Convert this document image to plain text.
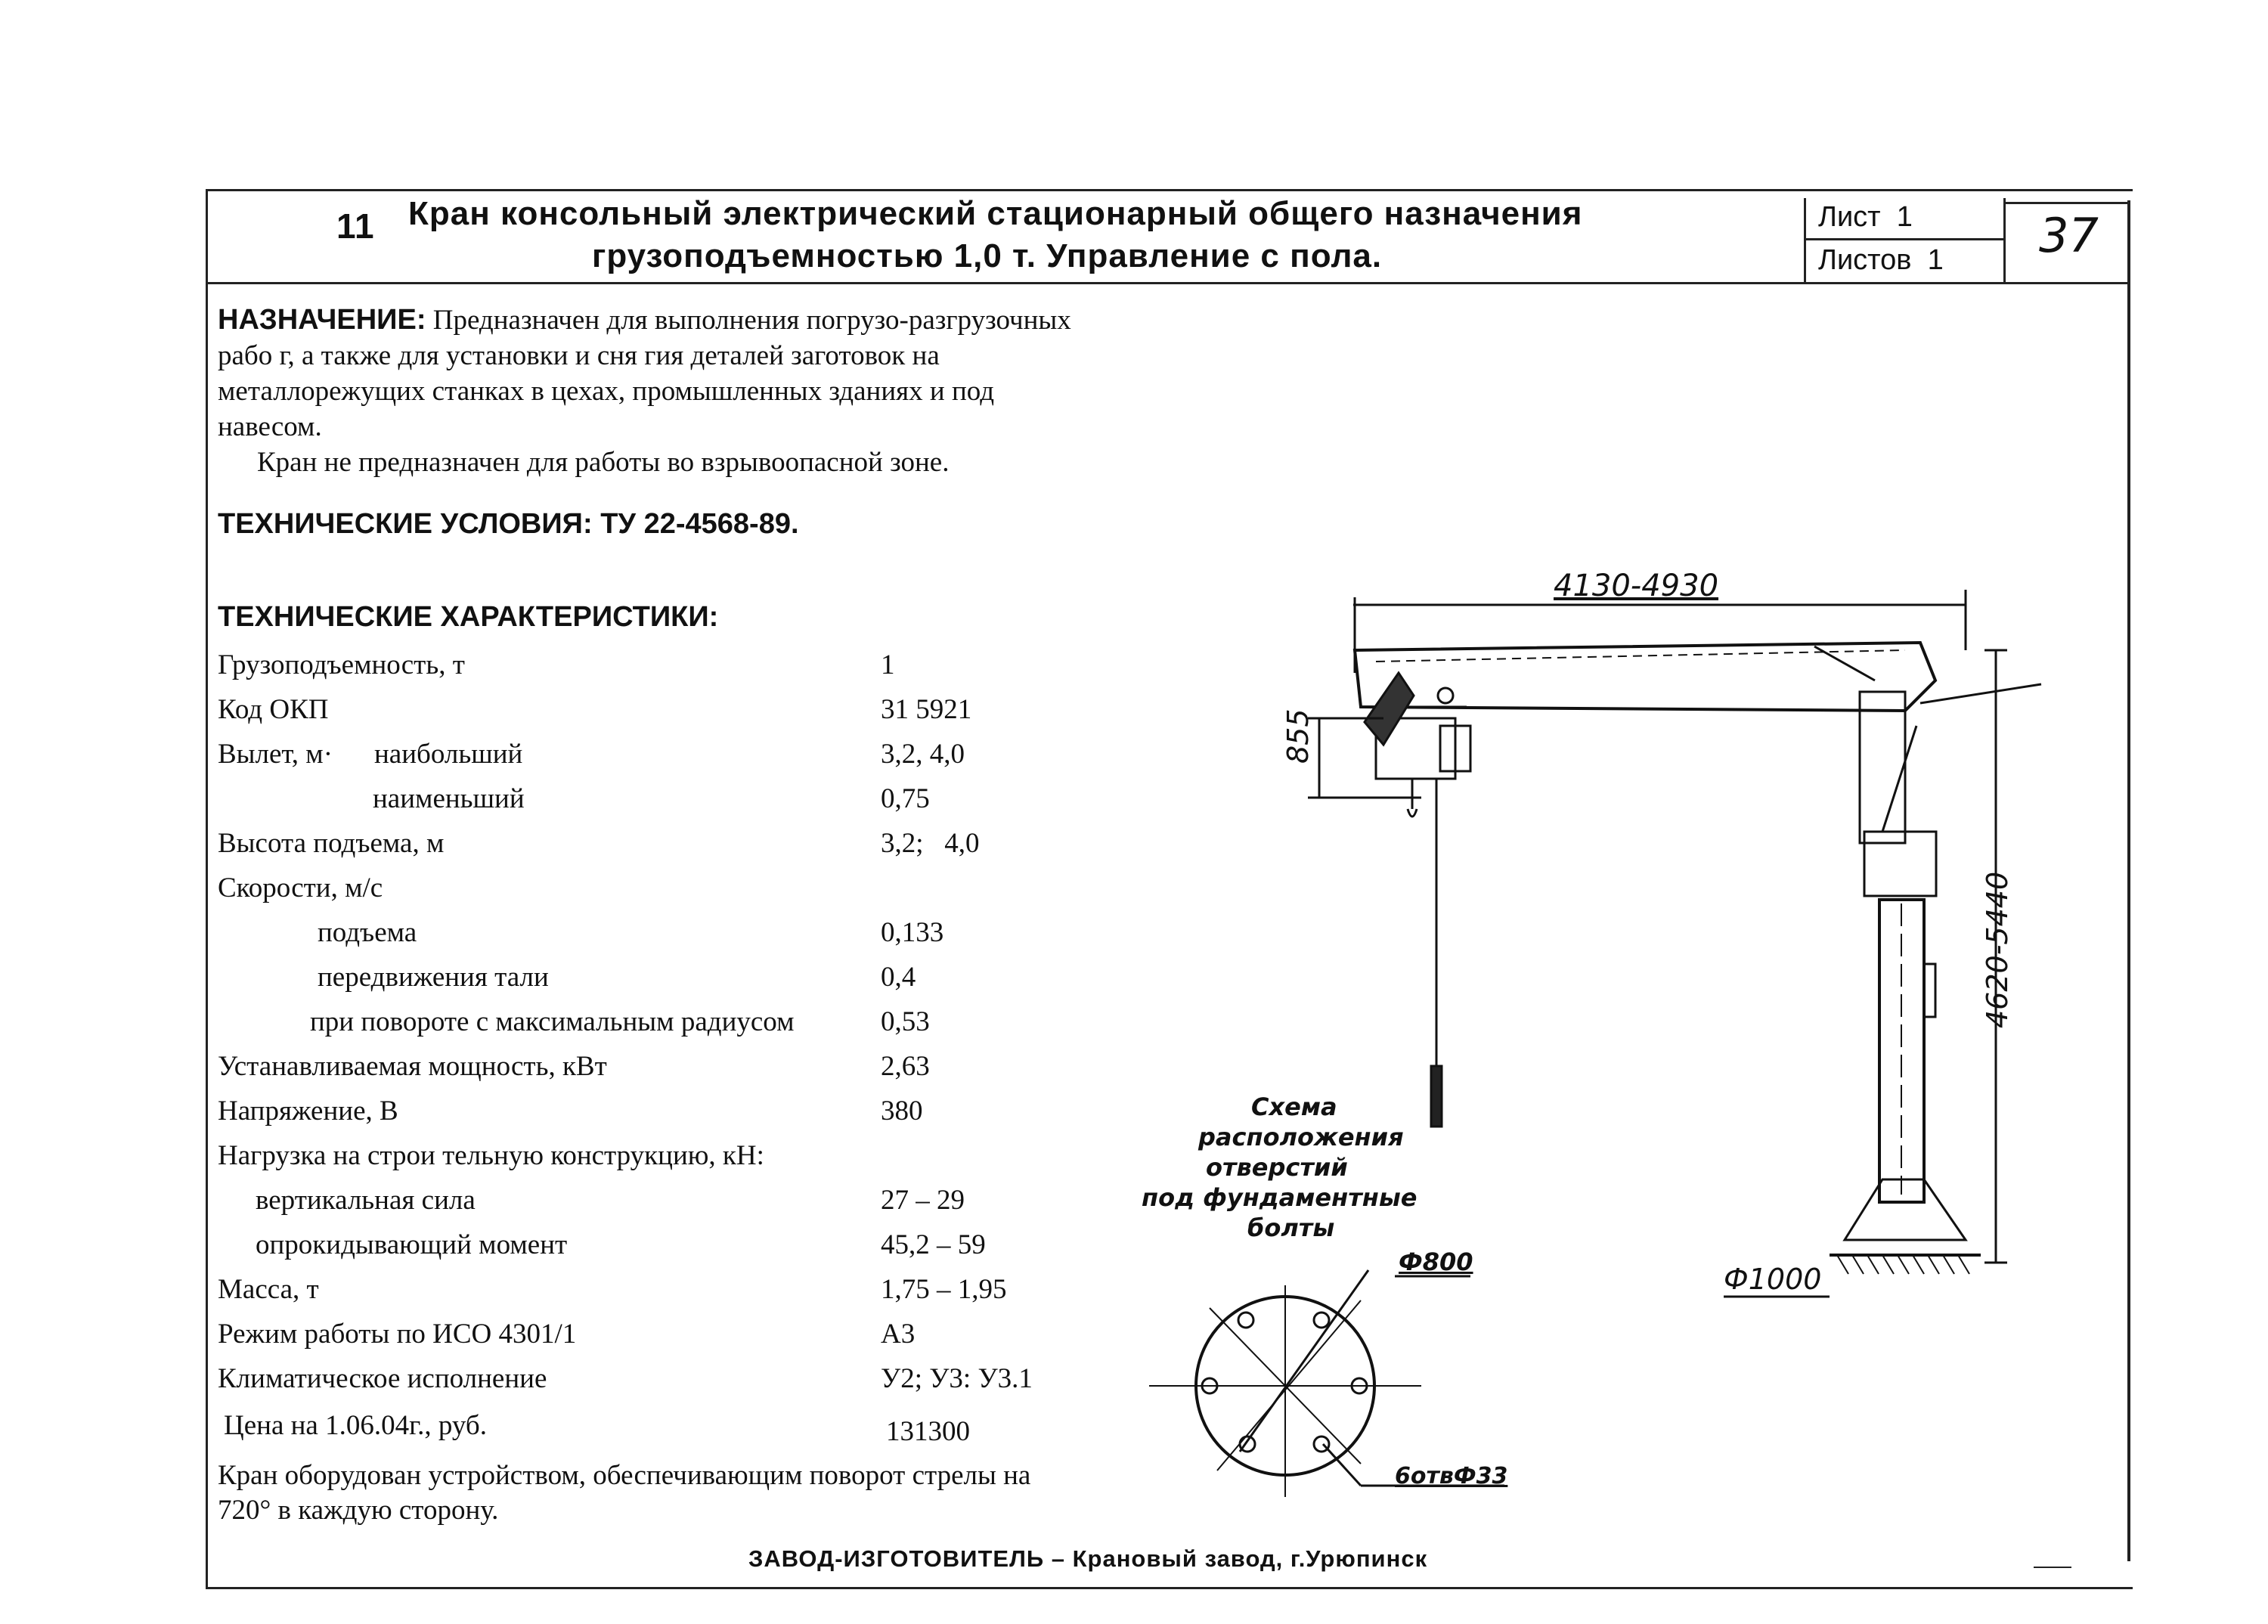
11 Кран консольный электрический стационарный общего назначения
грузоподъемностью 1,0 т. Управление с пола.
Лист 1
Листов 1 37
НАЗНАЧЕНИЕ: Предназначен для выполнения погрузо-разгрузочных
рабо г, а также для установки и сня гия деталей заготовок на
металлорежущих станках в цехах, промышленных зданиях и под
навесом.
Кран не предназначен для работы во взрывоопасной зоне.
ТЕХНИЧЕСКИЕ УСЛОВИЯ: ТУ 22-4568-89.
ТЕХНИЧЕСКИЕ ХАРАКТЕРИСТИКИ:
Грузоподъемность, т	1
Код ОКП	31 5921
Вылет, м· наибольший	3,2, 4,0
наименьший	0,75
Высота подъема, м	3,2;   4,0
Скорости, м/с
подъема	0,133
передвижения тали	0,4
при повороте с максимальным радиусом	0,53
Устанавливаемая мощность, кВт	2,63
Напряжение, В	380
Нагрузка на строи тельную конструкцию, кН:
вертикальная сила	27 – 29
опрокидывающий момент	45,2 – 59
Масса, т	1,75 – 1,95
Режим работы по ИСО 4301/1	А3
Климатическое исполнение	У2; У3: У3.1
Цена на 1.06.04г., руб.	131300
Кран оборудован устройством, обеспечивающим поворот стрелы на
720° в каждую сторону.
ЗАВОД-ИЗГОТОВИТЕЛЬ – Крановый завод, г.Урюпинск
4130-4930
855
4620-5440
Ф1000
Схема
расположения
отверстий
под фундаментные
болты
Ф800
6отвФ33
